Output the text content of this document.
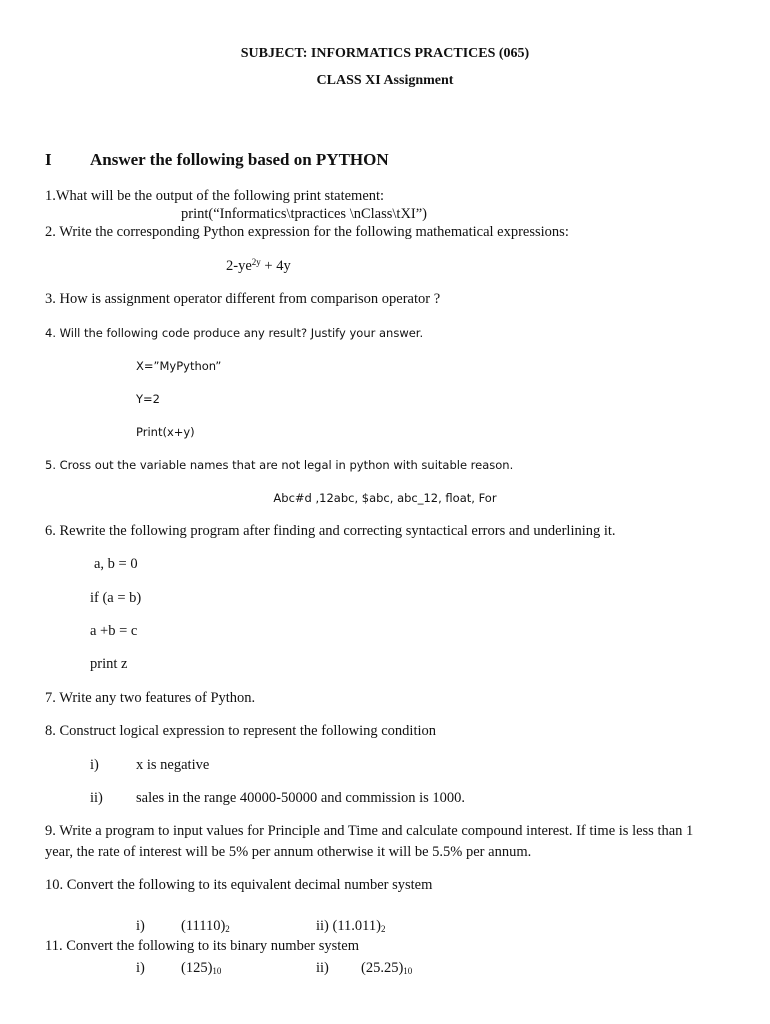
SUBJECT: INFORMATICS PRACTICES (065)
CLASS XI Assignment
I Answer the following based on PYTHON
1.What will be the output of the following print statement:
print(“Informatics\tpractices \nClass\tXI”)
2. Write the corresponding Python expression for the following mathematical expressions:
$2-ye^{2y} + 4y$
3. How is assignment operator different from comparison operator ?
4. Will the following code produce any result? Justify your answer.
X=”MyPython”
Y=2
Print(x+y)
5. Cross out the variable names that are not legal in python with suitable reason.
Abc#d ,12abc, $abc, abc_12, float, For
6. Rewrite the following program after finding and correcting syntactical errors and underlining it.
a, b = 0
if (a = b)
a +b = c
print z
7. Write any two features of Python.
8. Construct logical expression to represent the following condition
i)	x is negative
ii) sales in the range 40000-50000 and commission is 1000.
9. Write a program to input values for Principle and Time and calculate compound interest. If time is less than 1
year, the rate of interest will be 5% per annum otherwise it will be 5.5% per annum.
10. Convert the following to its equivalent decimal number system
i) $(11110)_2$	ii) $(11.011)_2$
11. Convert the following to its binary number system
i) $(125)_{10}$	ii) $(25.25)_{10}$
